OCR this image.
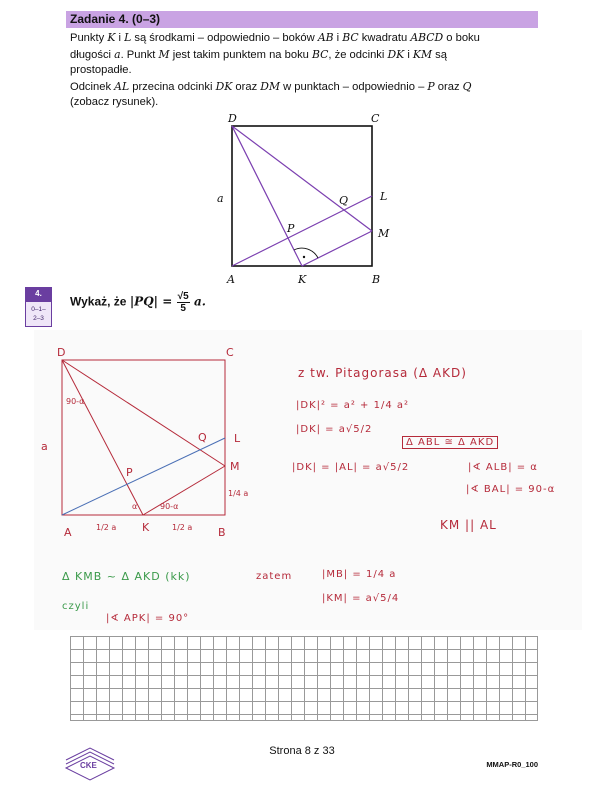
Zadanie 4. (0–3)

Punkty K i L są środkami – odpowiednio – boków AB i BC kwadratu ABCD o boku

długości a. Punkt M jest takim punktem na boku BC, że odcinki DK i KM są

prostopadłe.

Odcinek AL przecina odcinki DK oraz DM w punktach – odpowiednio – P oraz Q

(zobacz rysunek).

D	C
A	B
K
L
M
P
Q
a
4.
0–1–
2–3
Wykaż, że $|PQ| = \frac{√5}{5} a$.
D	C
A	B
K
L
M
P
Q
a
90-α
α	90-α
1/4 a
1/2 a	1/2 a
z tw. Pitagorasa (Δ AKD)
|DK|² = a² + 1/4 a²
|DK| = a√5/2
Δ ABL ≅ Δ AKD
|DK| = |AL| = a√5/2	|∢ ALB| = α
|∢ BAL| = 90-α
KM || AL
Δ KMB ~ Δ AKD (kk)	zatem	|MB| = 1/4 a
|KM| = a√5/4
czyli
|∢ APK| = 90°
CKE
Strona 8 z 33
MMAP-R0_100
